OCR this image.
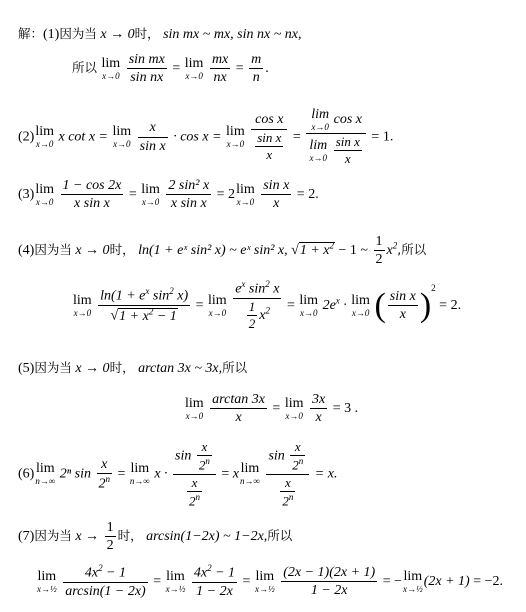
解：(1)因为当 x → 0时， sin mx ~ mx, sin nx ~ nx,
所以 lim
x→0
$\frac{\text{sin mx}}{\text{sin nx}} = \lim$
x→0
$\frac{mx}{nx} = \frac{m}{n}$ .
(2) lim
x→0 x cot x = lim
x→0
$\frac{x}{\text{sin x}} \cdot \cos x = \lim$
x→0
$\frac{\text{cos x}}{\frac{\text{sin x}}{x}} = \lim$
x→0 cos x
lim
x→0
$\frac{\text{sin x}}{x} = 1$.
(3) lim
x→0
$\frac{1 - \cos 2x}{\text{x sin x}} = \lim$
x→0
$\frac{\text{2 sin² x}}{\text{x sin x}} = 2$ lim
x→0
$\frac{\text{sin x}}{x} = 2$.
(4)因为当 x → 0时， ln(1 + eˣ sin² x) ~ eˣ sin² x, $√1 + x^2 - 1$ ~ $\frac{1}{2} x^2$,所以
lim
x→0
$\frac{\ln(1 + e^x \sin^2 x)}{√1 + x^2 - 1} = \lim$
x→0
$\frac{e^x \sin^2 x}{\frac{1}{2} x^2} = \lim$
x→0 $2e^x \cdot \lim$
x→0 ( $\frac{\text{sin x}}{x} )^2 = 2$.
(5)因为当 x → 0时， arctan 3x ~ 3x,所以
lim
x→0
$\frac{\arctan 3x}{x} = \lim$
x→0
$\frac{3x}{x} = 3$ .
(6) lim
n→∞ 2ⁿ $\sin \frac{x}{2^n} = \lim$
n→∞ $x \cdot \frac{\sin \frac{x}{2^n}}{\frac{x}{2^n}} = x$ lim
n→∞
$\frac{\sin \frac{x}{2^n}}{\frac{x}{2^n}} = x$.
(7)因为当 $x \to \frac{1}{2}$ 时， arcsin(1−2x) ~ 1−2x,所以
lim
x→½
$\frac{4x^2 - 1}{\arcsin(1 - 2x)} = \lim$
x→½
$\frac{4x^2 - 1}{1 - 2x} = \lim$
x→½
$\frac{(2x - 1)(2x + 1)}{1 - 2x}$ = − lim
x→½ (2x + 1) = −2.
